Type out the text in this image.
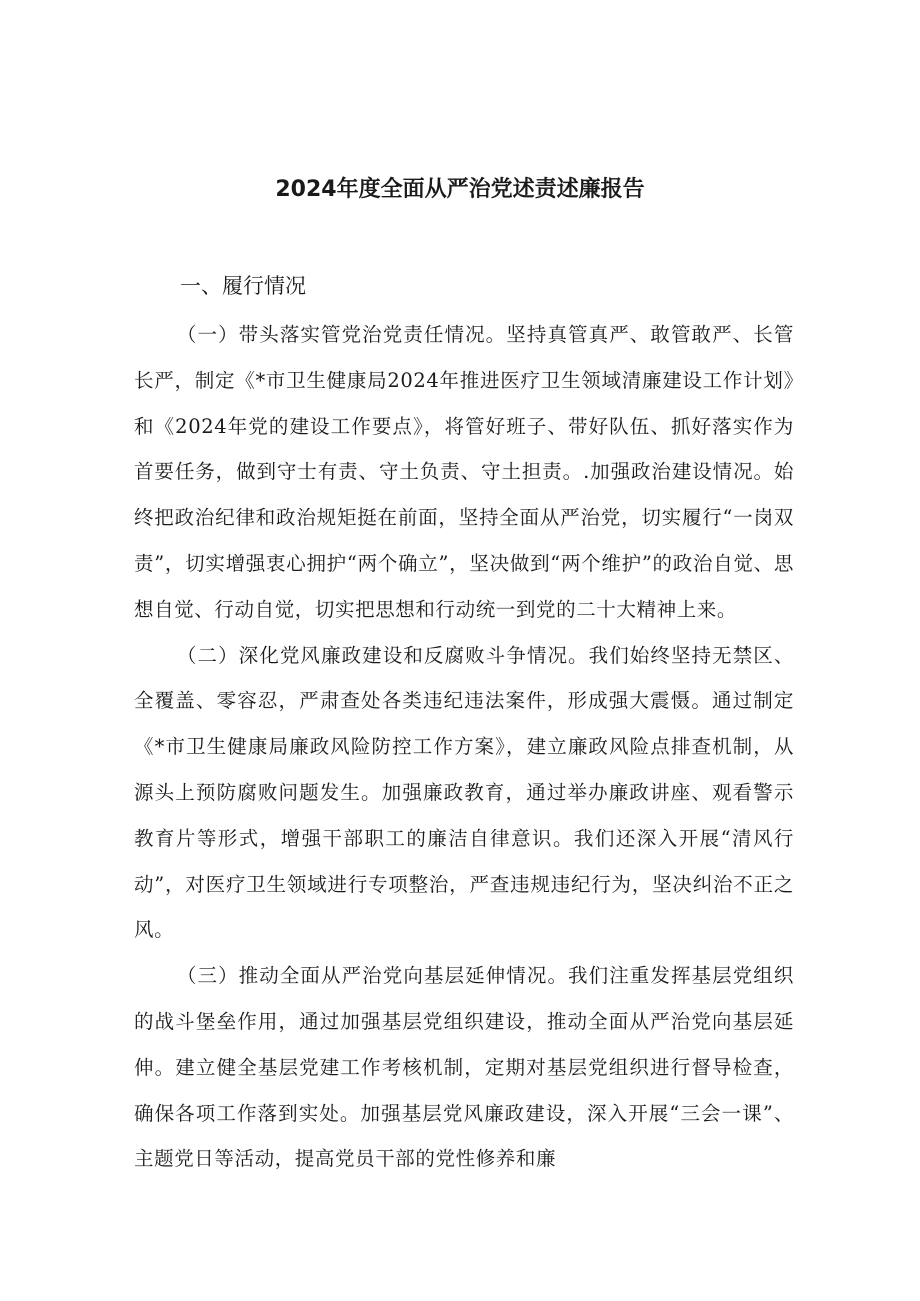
2024年度全面从严治党述责述廉报告
一、履行情况

（一）带头落实管党治党责任情况。坚持真管真严、敢管敢严、长管长严，制定《*市卫生健康局2024年推进医疗卫生领域清廉建设工作计划》和《2024年党的建设工作要点》，将管好班子、带好队伍、抓好落实作为首要任务，做到守士有责、守土负责、守土担责。.加强政治建设情况。始终把政治纪律和政治规矩挺在前面，坚持全面从严治党，切实履行“一岗双责”，切实增强衷心拥护“两个确立”，坚决做到“两个维护”的政治自觉、思想自觉、行动自觉，切实把思想和行动统一到党的二十大精神上来。

（二）深化党风廉政建设和反腐败斗争情况。我们始终坚持无禁区、全覆盖、零容忍，严肃查处各类违纪违法案件，形成强大震慑。通过制定《*市卫生健康局廉政风险防控工作方案》，建立廉政风险点排查机制，从源头上预防腐败问题发生。加强廉政教育，通过举办廉政讲座、观看警示教育片等形式，增强干部职工的廉洁自律意识。我们还深入开展“清风行动”，对医疗卫生领域进行专项整治，严查违规违纪行为，坚决纠治不正之风。

（三）推动全面从严治党向基层延伸情况。我们注重发挥基层党组织的战斗堡垒作用，通过加强基层党组织建设，推动全面从严治党向基层延伸。建立健全基层党建工作考核机制，定期对基层党组织进行督导检查，确保各项工作落到实处。加强基层党风廉政建设，深入开展“三会一课”、主题党日等活动，提高党员干部的党性修养和廉
